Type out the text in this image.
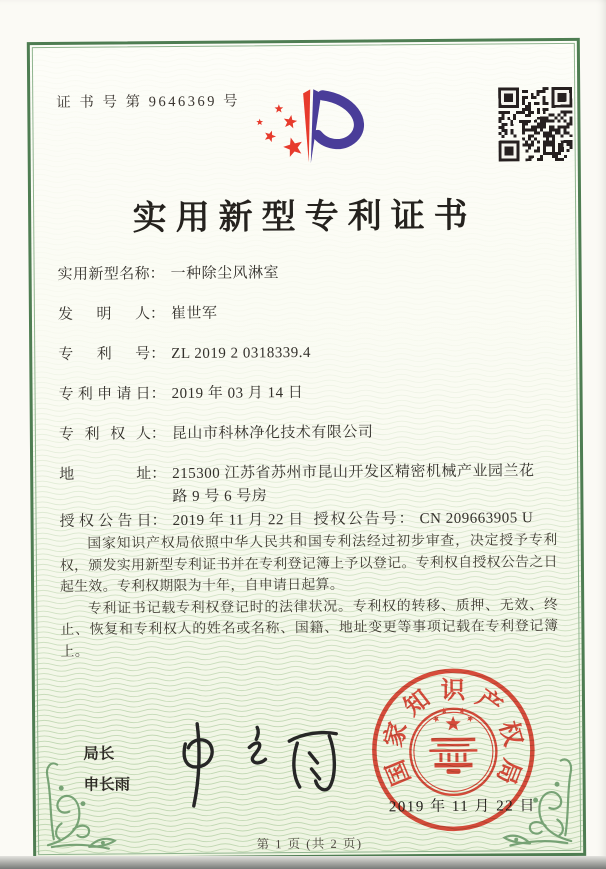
证 书 号 第 9646369 号
实用新型专利证书
实用新型名称： 一种除尘风淋室
发明人： 崔世军
专利号： ZL 2019 2 0318339.4
专利申请日： 2019 年 03 月 14 日
专利权人： 昆山市科林净化技术有限公司
地址： 215300 江苏省苏州市昆山开发区精密机械产业园兰花路 9 号 6 号房
授权公告日： 2019 年 11 月 22 日 授权公告号： CN 209663905 U

国家知识产权局依照中华人民共和国专利法经过初步审查，决定授予专利权，颁发实用新型专利证书并在专利登记簿上予以登记。专利权自授权公告之日起生效。专利权期限为十年，自申请日起算。

专利证书记载专利权登记时的法律状况。专利权的转移、质押、无效、终止、恢复和专利权人的姓名或名称、国籍、地址变更等事项记载在专利登记簿上。

局长
申长雨	国
家
知 识 产
权
局
2019 年 11 月 22 日
第 1 页 (共 2 页)
